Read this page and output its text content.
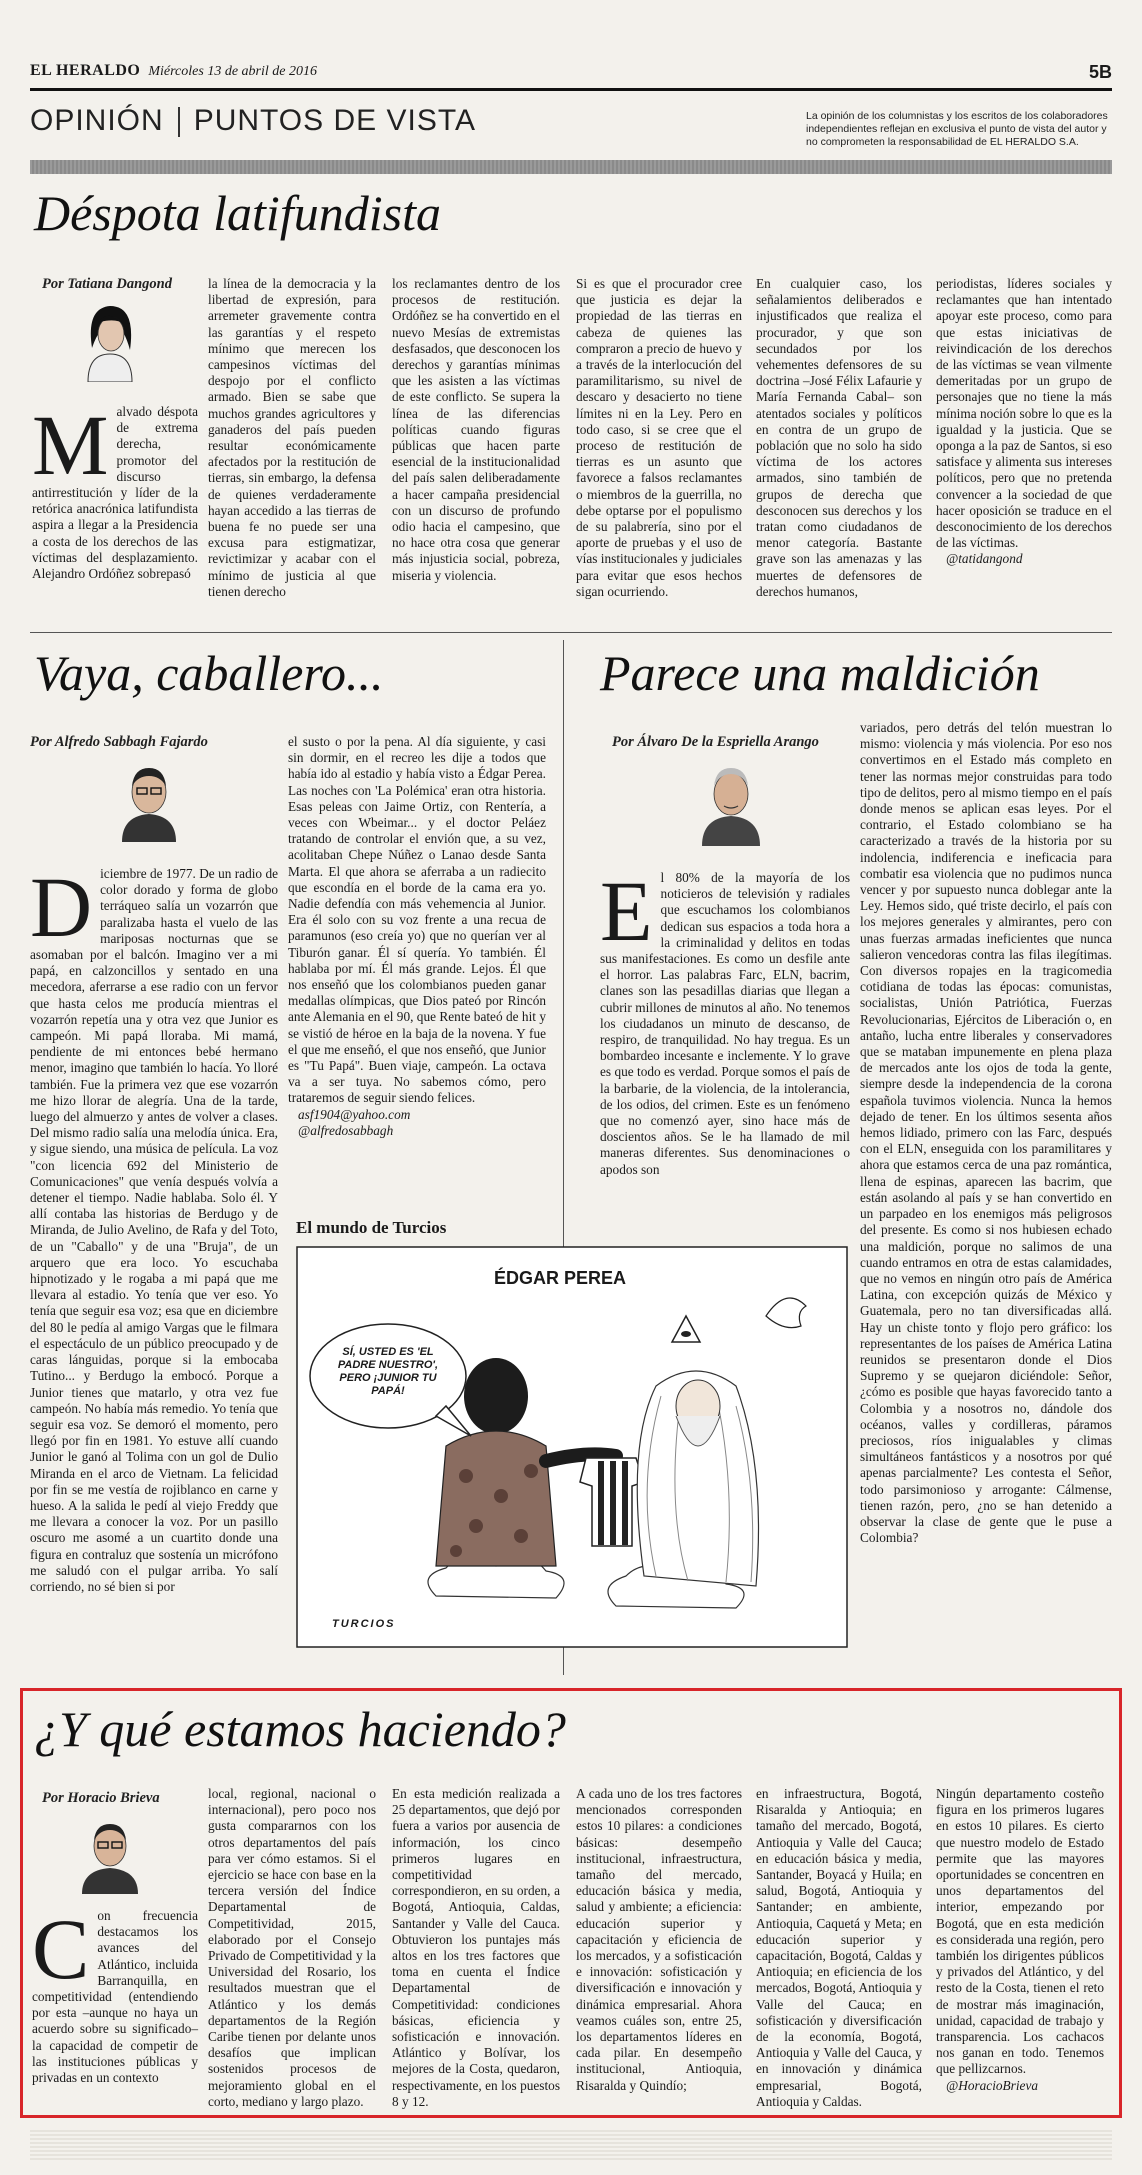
EL HERALDO Miércoles 13 de abril de 2016	5B
OPINIÓN PUNTOS DE VISTA	La opinión de los columnistas y los escritos de los colaboradores independientes reflejan en exclusiva el punto de vista del autor y no comprometen la responsabilidad de EL HERALDO S.A.
Déspota latifundista
Por Tatiana Dangond
M alvado déspota de extrema derecha, promotor del discurso antirrestitución y líder de la retórica anacrónica latifundista aspira a llegar a la Presidencia a costa de los derechos de las víctimas del desplazamiento. Alejandro Ordóñez sobrepasó

la línea de la democracia y la libertad de expresión, para arremeter gravemente contra las garantías y el respeto mínimo que merecen los campesinos víctimas del despojo por el conflicto armado. Bien se sabe que muchos grandes agricultores y ganaderos del país pueden resultar económicamente afectados por la restitución de tierras, sin embargo, la defensa de quienes verdaderamente hayan accedido a las tierras de buena fe no puede ser una excusa para estigmatizar, revictimizar y acabar con el mínimo de justicia al que tienen derecho

los reclamantes dentro de los procesos de restitución. Ordóñez se ha convertido en el nuevo Mesías de extremistas desfasados, que desconocen los derechos y garantías mínimas que les asisten a las víctimas de este conflicto. Se supera la línea de las diferencias políticas cuando figuras públicas que hacen parte esencial de la institucionalidad del país salen deliberadamente a hacer campaña presidencial con un discurso de profundo odio hacia el campesino, que no hace otra cosa que generar más injusticia social, pobreza, miseria y violencia.

Si es que el procurador cree que justicia es dejar la propiedad de las tierras en cabeza de quienes las compraron a precio de huevo y a través de la interlocución del paramilitarismo, su nivel de descaro y desacierto no tiene límites ni en la Ley. Pero en todo caso, si se cree que el proceso de restitución de tierras es un asunto que favorece a falsos reclamantes o miembros de la guerrilla, no debe optarse por el populismo de su palabrería, sino por el aporte de pruebas y el uso de vías institucionales y judiciales para evitar que esos hechos sigan ocurriendo.

En cualquier caso, los señalamientos deliberados e injustificados que realiza el procurador, y que son secundados por los vehementes defensores de su doctrina –José Félix Lafaurie y María Fernanda Cabal– son atentados sociales y políticos en contra de un grupo de población que no solo ha sido víctima de los actores armados, sino también de grupos de derecha que desconocen sus derechos y los tratan como ciudadanos de menor categoría. Bastante grave son las amenazas y las muertes de defensores de derechos humanos,

periodistas, líderes sociales y reclamantes que han intentado apoyar este proceso, como para que estas iniciativas de reivindicación de los derechos de las víctimas se vean vilmente demeritadas por un grupo de personajes que no tiene la más mínima noción sobre lo que es la igualdad y la justicia. Que se oponga a la paz de Santos, si eso satisface y alimenta sus intereses políticos, pero que no pretenda convencer a la sociedad de que hacer oposición se traduce en el desconocimiento de los derechos de las víctimas.

@tatidangond

Vaya, caballero...
Por Alfredo Sabbagh Fajardo
D iciembre de 1977. De un radio de color dorado y forma de globo terráqueo salía un vozarrón que paralizaba hasta el vuelo de las mariposas nocturnas que se asomaban por el balcón. Imagino ver a mi papá, en calzoncillos y sentado en una mecedora, aferrarse a ese radio con un fervor que hasta celos me producía mientras el vozarrón repetía una y otra vez que Junior es campeón. Mi papá lloraba. Mi mamá, pendiente de mi entonces bebé hermano menor, imagino que también lo hacía. Yo lloré también. Fue la primera vez que ese vozarrón me hizo llorar de alegría. Una de la tarde, luego del almuerzo y antes de volver a clases. Del mismo radio salía una melodía única. Era, y sigue siendo, una música de película. La voz "con licencia 692 del Ministerio de Comunicaciones" que venía después volvía a detener el tiempo. Nadie hablaba. Solo él. Y allí contaba las historias de Berdugo y de Miranda, de Julio Avelino, de Rafa y del Toto, de un "Caballo" y de una "Bruja", de un arquero que era loco. Yo escuchaba hipnotizado y le rogaba a mi papá que me llevara al estadio. Yo tenía que ver eso. Yo tenía que seguir esa voz; esa que en diciembre del 80 le pedía al amigo Vargas que le filmara el espectáculo de un público preocupado y de caras lánguidas, porque si la embocaba Tutino... y Berdugo la embocó. Porque a Junior tienes que matarlo, y otra vez fue campeón. No había más remedio. Yo tenía que seguir esa voz. Se demoró el momento, pero llegó por fin en 1981. Yo estuve allí cuando Junior le ganó al Tolima con un gol de Dulio Miranda en el arco de Vietnam. La felicidad por fin se me vestía de rojiblanco en carne y hueso. A la salida le pedí al viejo Freddy que me llevara a conocer la voz. Por un pasillo oscuro me asomé a un cuartito donde una figura en contraluz que sostenía un micrófono me saludó con el pulgar arriba. Yo salí corriendo, no sé bien si por

el susto o por la pena. Al día siguiente, y casi sin dormir, en el recreo les dije a todos que había ido al estadio y había visto a Édgar Perea. Las noches con 'La Polémica' eran otra historia. Esas peleas con Jaime Ortiz, con Rentería, a veces con Wbeimar... y el doctor Peláez tratando de controlar el envión que, a su vez, acolitaban Chepe Núñez o Lanao desde Santa Marta. El que ahora se aferraba a un radiecito que escondía en el borde de la cama era yo. Nadie defendía con más vehemencia al Junior. Era él solo con su voz frente a una recua de paramunos (eso creía yo) que no querían ver al Tiburón ganar. Él sí quería. Yo también. Él hablaba por mí. Él más grande. Lejos. Él que nos enseñó que los colombianos pueden ganar medallas olímpicas, que Dios pateó por Rincón ante Alemania en el 90, que Rente bateó de hit y se vistió de héroe en la baja de la novena. Y fue el que me enseñó, el que nos enseñó, que Junior es "Tu Papá". Buen viaje, campeón. La octava va a ser tuya. No sabemos cómo, pero trataremos de seguir siendo felices.

asf1904@yahoo.com

@alfredosabbagh

Parece una maldición
Por Álvaro De la Espriella Arango
E l 80% de la mayoría de los noticieros de televisión y radiales que escuchamos los colombianos dedican sus espacios a toda hora a la criminalidad y delitos en todas sus manifestaciones. Es como un desfile ante el horror. Las palabras Farc, ELN, bacrim, clanes son las pesadillas diarias que llegan a cubrir millones de minutos al año. No tenemos los ciudadanos un minuto de descanso, de respiro, de tranquilidad. No hay tregua. Es un bombardeo incesante e inclemente. Y lo grave es que todo es verdad. Porque somos el país de la barbarie, de la violencia, de la intolerancia, de los odios, del crimen. Este es un fenómeno que no comenzó ayer, sino hace más de doscientos años. Se le ha llamado de mil maneras diferentes. Sus denominaciones o apodos son

variados, pero detrás del telón muestran lo mismo: violencia y más violencia. Por eso nos convertimos en el Estado más completo en tener las normas mejor construidas para todo tipo de delitos, pero al mismo tiempo en el país donde menos se aplican esas leyes. Por el contrario, el Estado colombiano se ha caracterizado a través de la historia por su indolencia, indiferencia e ineficacia para combatir esa violencia que no pudimos nunca vencer y por supuesto nunca doblegar ante la Ley. Hemos sido, qué triste decirlo, el país con los mejores generales y almirantes, pero con unas fuerzas armadas ineficientes que nunca salieron vencedoras contra las filas ilegítimas. Con diversos ropajes en la tragicomedia cotidiana de todas las épocas: comunistas, socialistas, Unión Patriótica, Fuerzas Revolucionarias, Ejércitos de Liberación o, en antaño, lucha entre liberales y conservadores que se mataban impunemente en plena plaza de mercados ante los ojos de toda la gente, siempre desde la independencia de la corona española tuvimos violencia. Nunca la hemos dejado de tener. En los últimos sesenta años hemos lidiado, primero con las Farc, después con el ELN, enseguida con los paramilitares y ahora que estamos cerca de una paz romántica, llena de espinas, aparecen las bacrim, que están asolando al país y se han convertido en un parpadeo en los enemigos más peligrosos del presente. Es como si nos hubiesen echado una maldición, porque no salimos de una cuando entramos en otra de estas calamidades, que no vemos en ningún otro país de América Latina, con excepción quizás de México y Guatemala, pero no tan diversificadas allá. Hay un chiste tonto y flojo pero gráfico: los representantes de los países de América Latina reunidos se presentaron donde el Dios Supremo y se quejaron diciéndole: Señor, ¿cómo es posible que hayas favorecido tanto a Colombia y a nosotros no, dándole dos océanos, valles y cordilleras, páramos preciosos, ríos inigualables y climas simultáneos fantásticos y a nosotros por qué apenas parcialmente? Les contesta el Señor, todo parsimonioso y arrogante: Cálmense, tienen razón, pero, ¿no se han detenido a observar la clase de gente que le puse a Colombia?

El mundo de Turcios
ÉDGAR PEREA
SÍ, USTED ES 'EL PADRE NUESTRO', PERO ¡JUNIOR TU PAPÁ!
TURCIOS
¿Y qué estamos haciendo?
Por Horacio Brieva
C on frecuencia destacamos los avances del Atlántico, incluida Barranquilla, en competitividad (entendiendo por esta –aunque no haya un acuerdo sobre su significado– la capacidad de competir de las instituciones públicas y privadas en un contexto

local, regional, nacional o internacional), pero poco nos gusta compararnos con los otros departamentos del país para ver cómo estamos. Si el ejercicio se hace con base en la tercera versión del Índice Departamental de Competitividad, 2015, elaborado por el Consejo Privado de Competitividad y la Universidad del Rosario, los resultados muestran que el Atlántico y los demás departamentos de la Región Caribe tienen por delante unos desafíos que implican sostenidos procesos de mejoramiento global en el corto, mediano y largo plazo.

En esta medición realizada a 25 departamentos, que dejó por fuera a varios por ausencia de información, los cinco primeros lugares en competitividad correspondieron, en su orden, a Bogotá, Antioquia, Caldas, Santander y Valle del Cauca. Obtuvieron los puntajes más altos en los tres factores que toma en cuenta el Índice Departamental de Competitividad: condiciones básicas, eficiencia y sofisticación e innovación. Atlántico y Bolívar, los mejores de la Costa, quedaron, respectivamente, en los puestos 8 y 12.

A cada uno de los tres factores mencionados corresponden estos 10 pilares: a condiciones básicas: desempeño institucional, infraestructura, tamaño del mercado, educación básica y media, salud y ambiente; a eficiencia: educación superior y capacitación y eficiencia de los mercados, y a sofisticación e innovación: sofisticación y diversificación e innovación y dinámica empresarial. Ahora veamos cuáles son, entre 25, los departamentos líderes en cada pilar. En desempeño institucional, Antioquia, Risaralda y Quindío;

en infraestructura, Bogotá, Risaralda y Antioquia; en tamaño del mercado, Bogotá, Antioquia y Valle del Cauca; en educación básica y media, Santander, Boyacá y Huila; en salud, Bogotá, Antioquia y Santander; en ambiente, Antioquia, Caquetá y Meta; en educación superior y capacitación, Bogotá, Caldas y Antioquia; en eficiencia de los mercados, Bogotá, Antioquia y Valle del Cauca; en sofisticación y diversificación de la economía, Bogotá, Antioquia y Valle del Cauca, y en innovación y dinámica empresarial, Bogotá, Antioquia y Caldas.

Ningún departamento costeño figura en los primeros lugares en estos 10 pilares. Es cierto que nuestro modelo de Estado permite que las mayores oportunidades se concentren en unos departamentos del interior, empezando por Bogotá, que en esta medición es considerada una región, pero también los dirigentes públicos y privados del Atlántico, y del resto de la Costa, tienen el reto de mostrar más imaginación, unidad, capacidad de trabajo y transparencia. Los cachacos nos ganan en todo. Tenemos que pellizcarnos.

@HoracioBrieva
